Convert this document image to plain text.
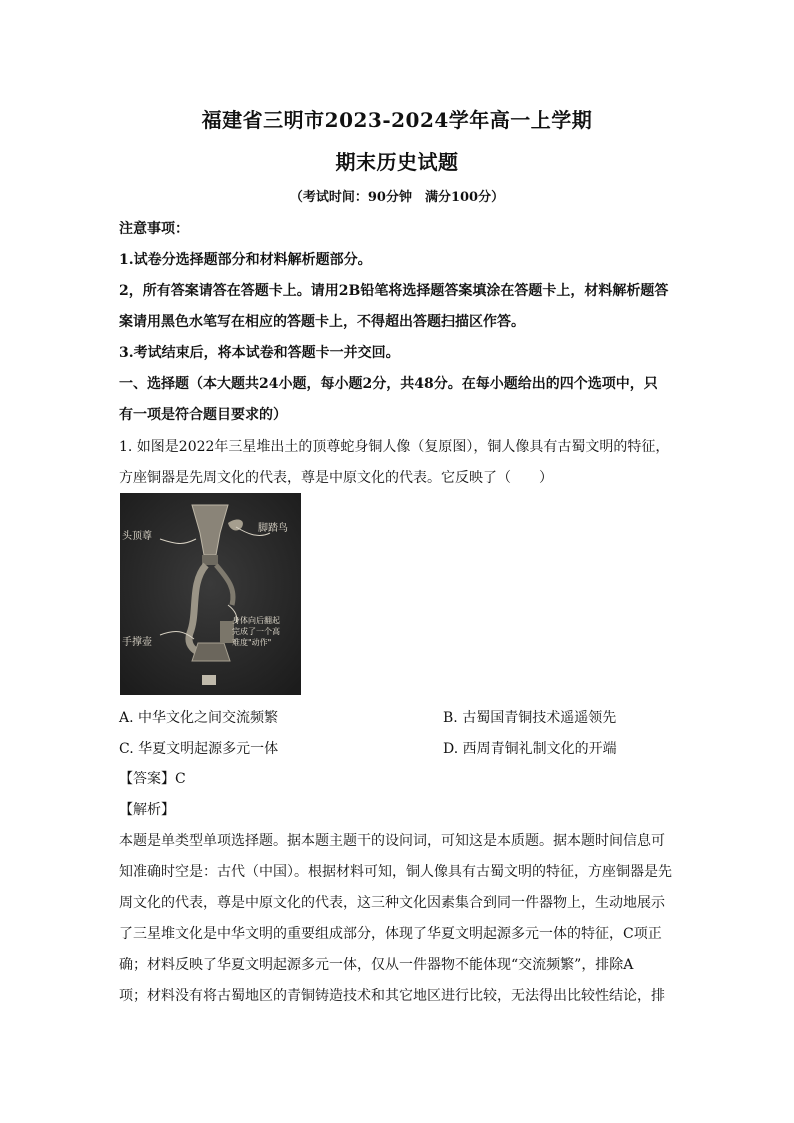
福建省三明市2023-2024学年高一上学期
期末历史试题
（考试时间：90分钟　满分100分）
注意事项：
1.试卷分选择题部分和材料解析题部分。
2，所有答案请答在答题卡上。请用2B铅笔将选择题答案填涂在答题卡上，材料解析题答
案请用黑色水笔写在相应的答题卡上，不得超出答题扫描区作答。
3.考试结束后，将本试卷和答题卡一并交回。
一、选择题（本大题共24小题，每小题2分，共48分。在每小题给出的四个选项中，只
有一项是符合题目要求的）
1. 如图是2022年三星堆出土的顶尊蛇身铜人像（复原图），铜人像具有古蜀文明的特征，
方座铜器是先周文化的代表，尊是中原文化的代表。它反映了（　　）
头顶尊
脚踏鸟
手撑壶
身体向后翻起
完成了一个高
难度"动作"
A. 中华文化之间交流频繁	B. 古蜀国青铜技术遥遥领先
C. 华夏文明起源多元一体	D. 西周青铜礼制文化的开端
【答案】C
【解析】
本题是单类型单项选择题。据本题主题干的设问词，可知这是本质题。据本题时间信息可
知准确时空是：古代（中国）。根据材料可知，铜人像具有古蜀文明的特征，方座铜器是先
周文化的代表，尊是中原文化的代表，这三种文化因素集合到同一件器物上，生动地展示
了三星堆文化是中华文明的重要组成部分，体现了华夏文明起源多元一体的特征，C项正
确；材料反映了华夏文明起源多元一体，仅从一件器物不能体现“交流频繁”，排除A
项；材料没有将古蜀地区的青铜铸造技术和其它地区进行比较，无法得出比较性结论，排
